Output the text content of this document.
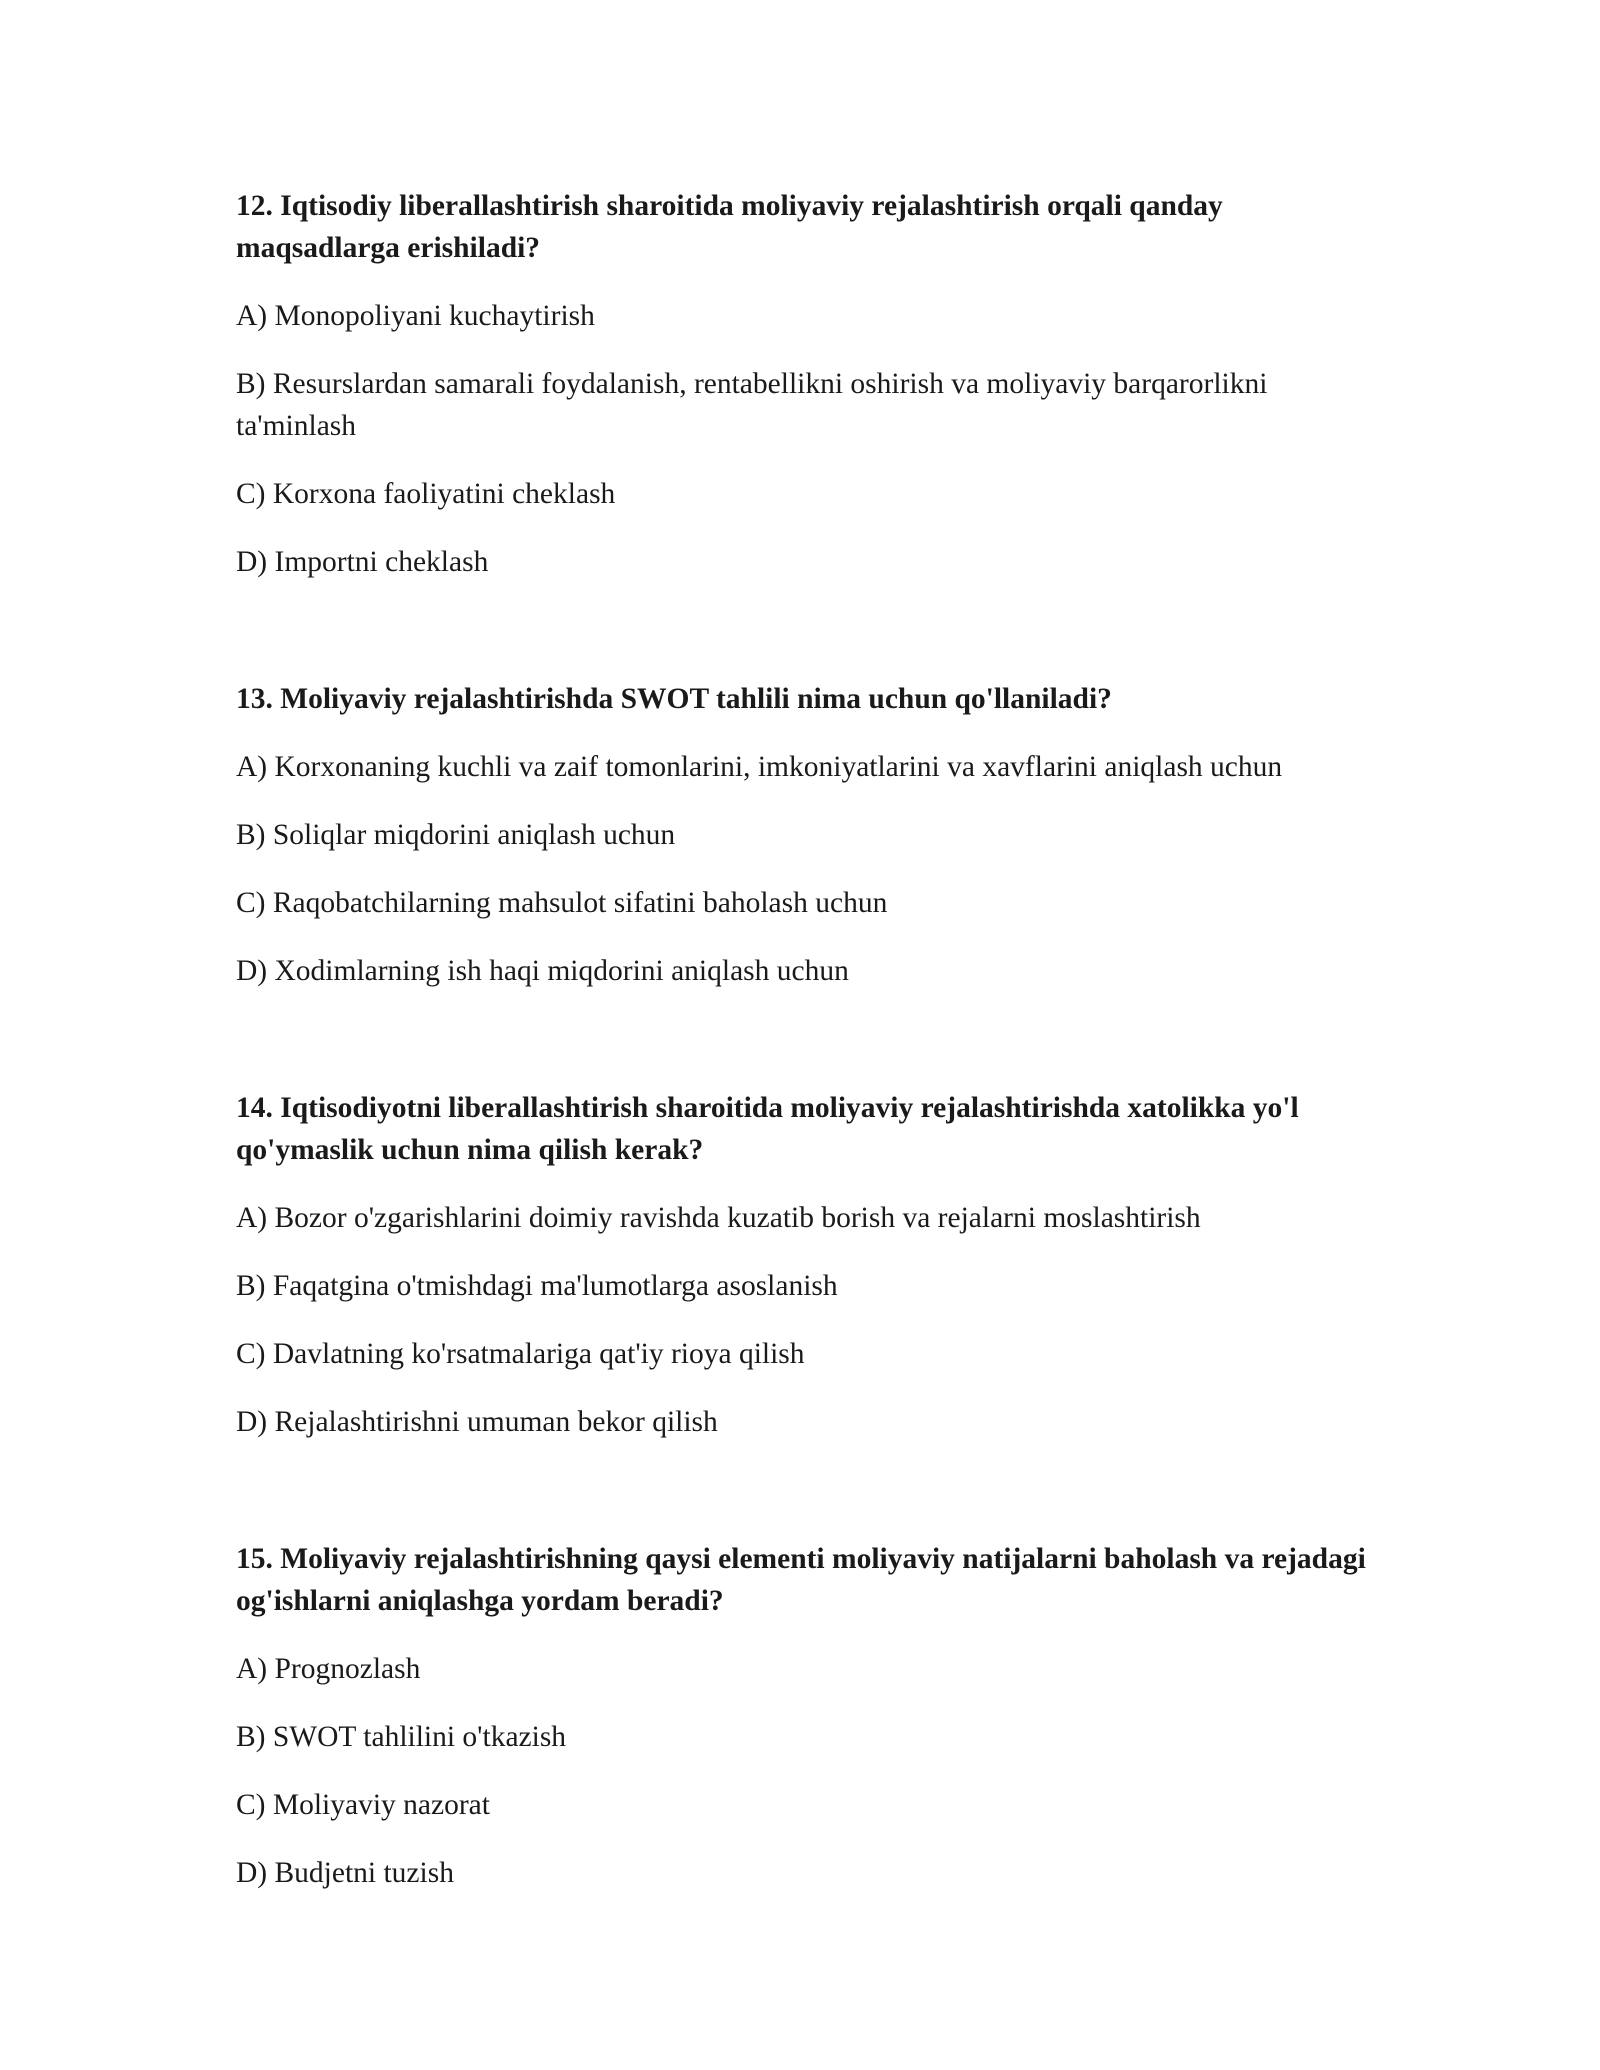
12. Iqtisodiy liberallashtirish sharoitida moliyaviy rejalashtirish orqali qanday maqsadlarga erishiladi?

A) Monopoliyani kuchaytirish

B) Resurslardan samarali foydalanish, rentabellikni oshirish va moliyaviy barqarorlikni ta'minlash

C) Korxona faoliyatini cheklash

D) Importni cheklash

13. Moliyaviy rejalashtirishda SWOT tahlili nima uchun qo'llaniladi?

A) Korxonaning kuchli va zaif tomonlarini, imkoniyatlarini va xavflarini aniqlash uchun

B) Soliqlar miqdorini aniqlash uchun

C) Raqobatchilarning mahsulot sifatini baholash uchun

D) Xodimlarning ish haqi miqdorini aniqlash uchun

14. Iqtisodiyotni liberallashtirish sharoitida moliyaviy rejalashtirishda xatolikka yo'l qo'ymaslik uchun nima qilish kerak?

A) Bozor o'zgarishlarini doimiy ravishda kuzatib borish va rejalarni moslashtirish

B) Faqatgina o'tmishdagi ma'lumotlarga asoslanish

C) Davlatning ko'rsatmalariga qat'iy rioya qilish

D) Rejalashtirishni umuman bekor qilish

15. Moliyaviy rejalashtirishning qaysi elementi moliyaviy natijalarni baholash va rejadagi og'ishlarni aniqlashga yordam beradi?

A) Prognozlash

B) SWOT tahlilini o'tkazish

C) Moliyaviy nazorat

D) Budjetni tuzish
